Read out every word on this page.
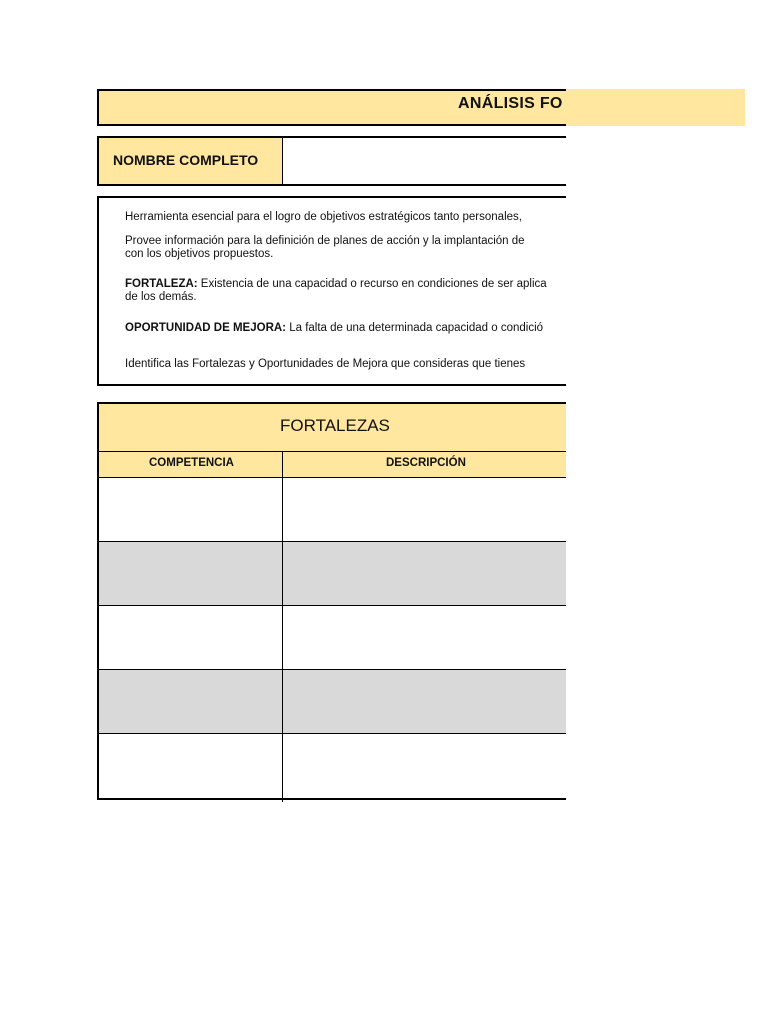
ANÁLISIS FO
NOMBRE COMPLETO
Herramienta esencial para el logro de objetivos estratégicos tanto personales,
Provee información para la definición de planes de acción y la implantación de
con los objetivos propuestos.
FORTALEZA: Existencia de una capacidad o recurso en condiciones de ser aplica
de los demás.
OPORTUNIDAD DE MEJORA: La falta de una determinada capacidad o condició
Identifica las Fortalezas y Oportunidades de Mejora que consideras que tienes
FORTALEZAS
COMPETENCIA	DESCRIPCIÓN
